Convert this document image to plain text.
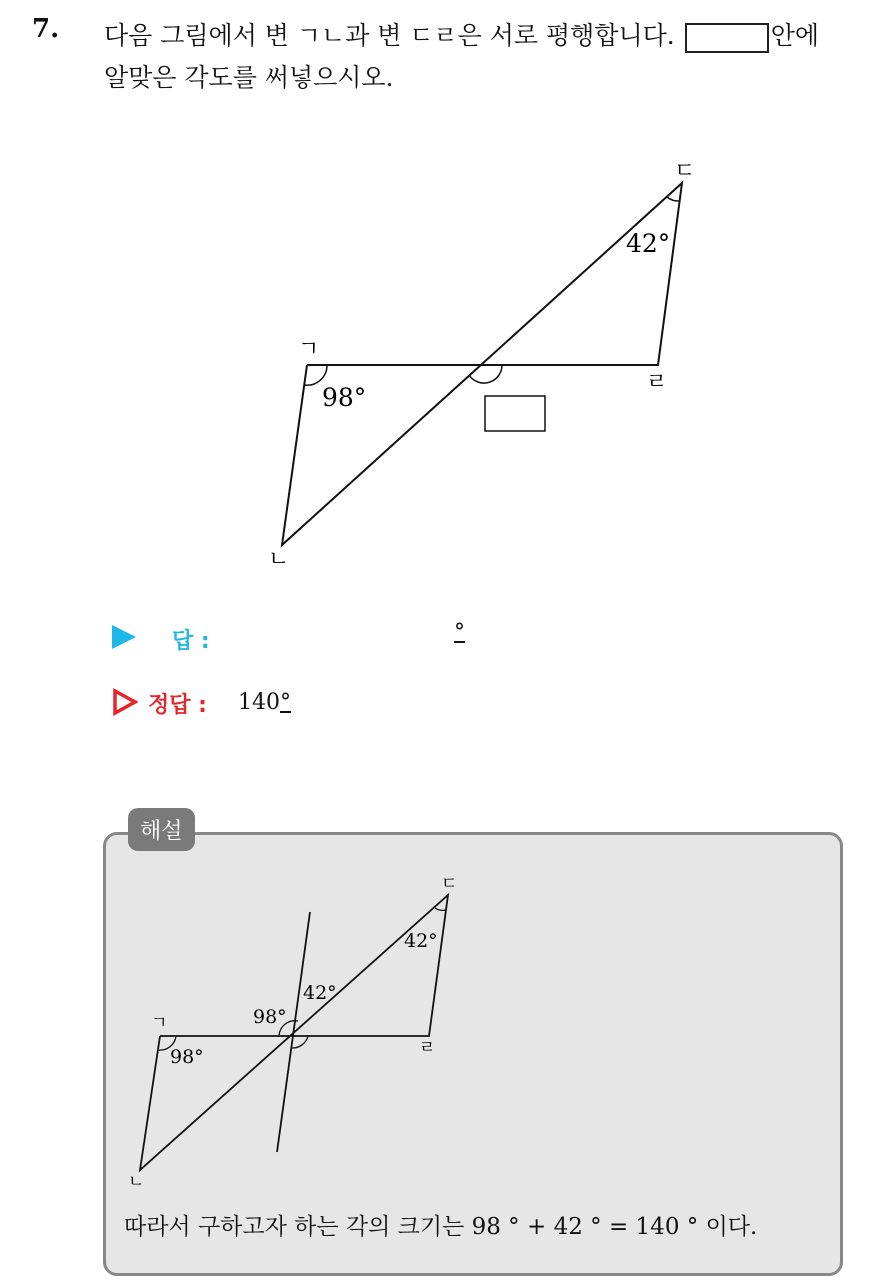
7. 다음 그림에서 변 ㄱㄴ과 변 ㄷㄹ은 서로 평행합니다.	안에
알맞은 각도를 써넣으시오.
ㄱ
ㄴ
ㄷ
ㄹ
98°
42°
답 :	°
정답 : 140°
해설
ㄱ
ㄴ
ㄷ
ㄹ
98°
42°
98°
42°
따라서 구하고자 하는 각의 크기는 98 ° + 42 ° = 140 ° 이다.
